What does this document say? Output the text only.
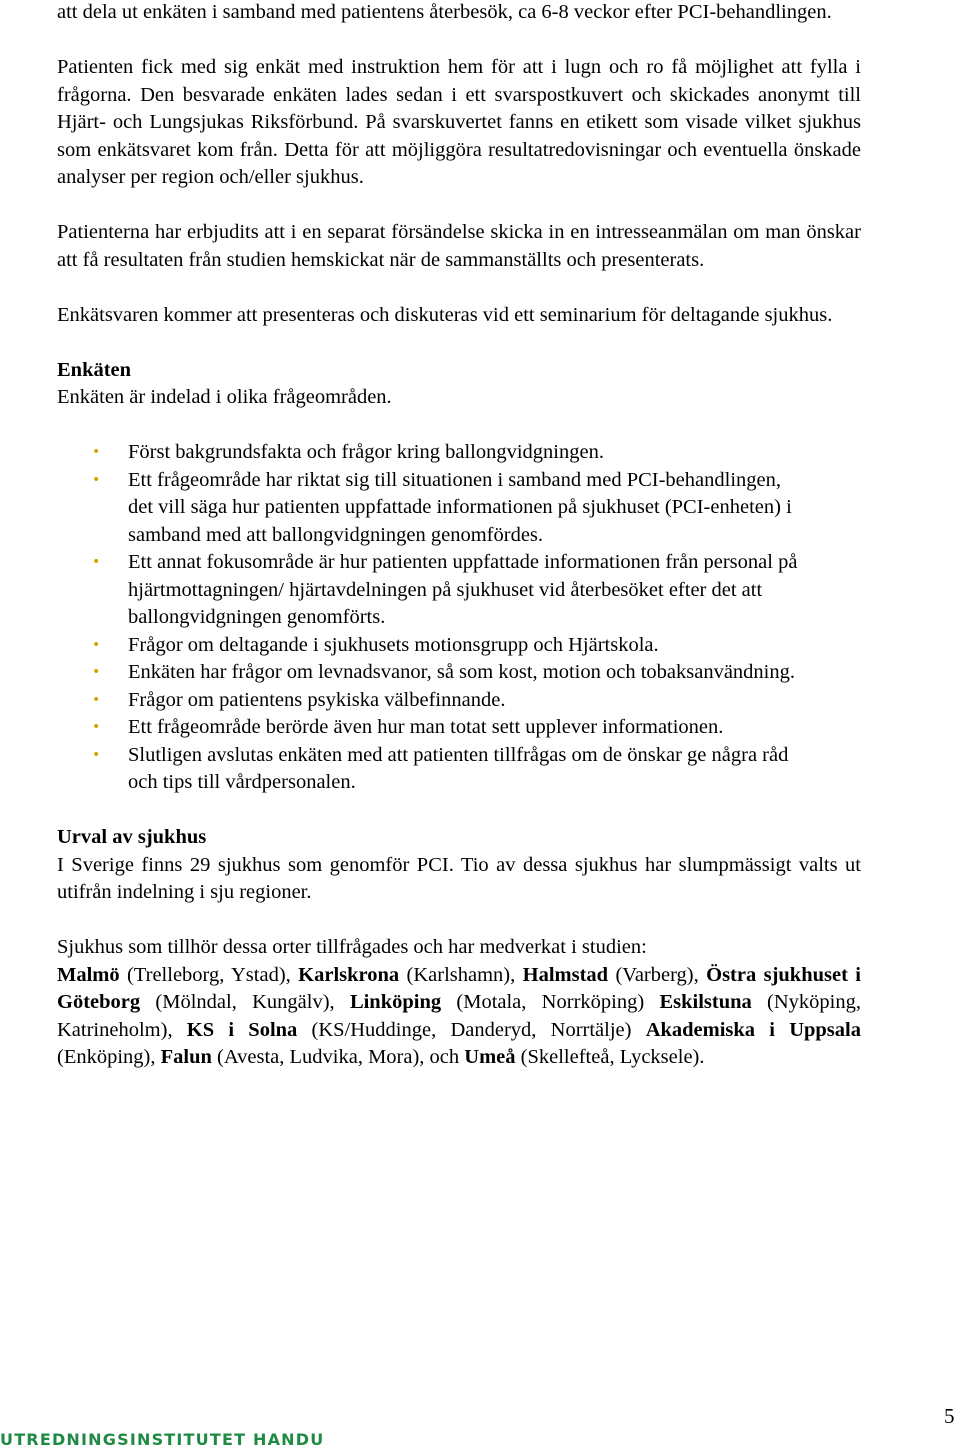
att dela ut enkäten i samband med patientens återbesök, ca 6-8 veckor efter PCI-behandlingen.

Patienten fick med sig enkät med instruktion hem för att i lugn och ro få möjlighet att fylla i frågorna. Den besvarade enkäten lades sedan i ett svarspostkuvert och skickades anonymt till Hjärt- och Lungsjukas Riksförbund. På svarskuvertet fanns en etikett som visade vilket sjukhus som enkätsvaret kom från. Detta för att möjliggöra resultatredovisningar och eventuella önskade analyser per region och/eller sjukhus.

Patienterna har erbjudits att i en separat försändelse skicka in en intresseanmälan om man önskar att få resultaten från studien hemskickat när de sammanställts och presenterats.

Enkätsvaren kommer att presenteras och diskuteras vid ett seminarium för deltagande sjukhus.

Enkäten

Enkäten är indelad i olika frågeområden.

• Först bakgrundsfakta och frågor kring ballongvidgningen.
• Ett frågeområde har riktat sig till situationen i samband med PCI-behandlingen, det vill säga hur patienten uppfattade informationen på sjukhuset (PCI-enheten) i samband med att ballongvidgningen genomfördes.
• Ett annat fokusområde är hur patienten uppfattade informationen från personal på hjärtmottagningen/ hjärtavdelningen på sjukhuset vid återbesöket efter det att ballongvidgningen genomförts.
• Frågor om deltagande i sjukhusets motionsgrupp och Hjärtskola.
• Enkäten har frågor om levnadsvanor, så som kost, motion och tobaksanvändning.
• Frågor om patientens psykiska välbefinnande.
• Ett frågeområde berörde även hur man totat sett upplever informationen.
• Slutligen avslutas enkäten med att patienten tillfrågas om de önskar ge några råd och tips till vårdpersonalen.

Urval av sjukhus

I Sverige finns 29 sjukhus som genomför PCI. Tio av dessa sjukhus har slumpmässigt valts ut utifrån indelning i sju regioner.

Sjukhus som tillhör dessa orter tillfrågades och har medverkat i studien:

Malmö (Trelleborg, Ystad), Karlskrona (Karlshamn), Halmstad (Varberg), Östra sjukhuset i Göteborg (Mölndal, Kungälv), Linköping (Motala, Norrköping) Eskilstuna (Nyköping, Katrineholm), KS i Solna (KS/Huddinge, Danderyd, Norrtälje) Akademiska i Uppsala (Enköping), Falun (Avesta, Ludvika, Mora), och Umeå (Skellefteå, Lycksele).

UTREDNINGSINSTITUTET HANDU
5
